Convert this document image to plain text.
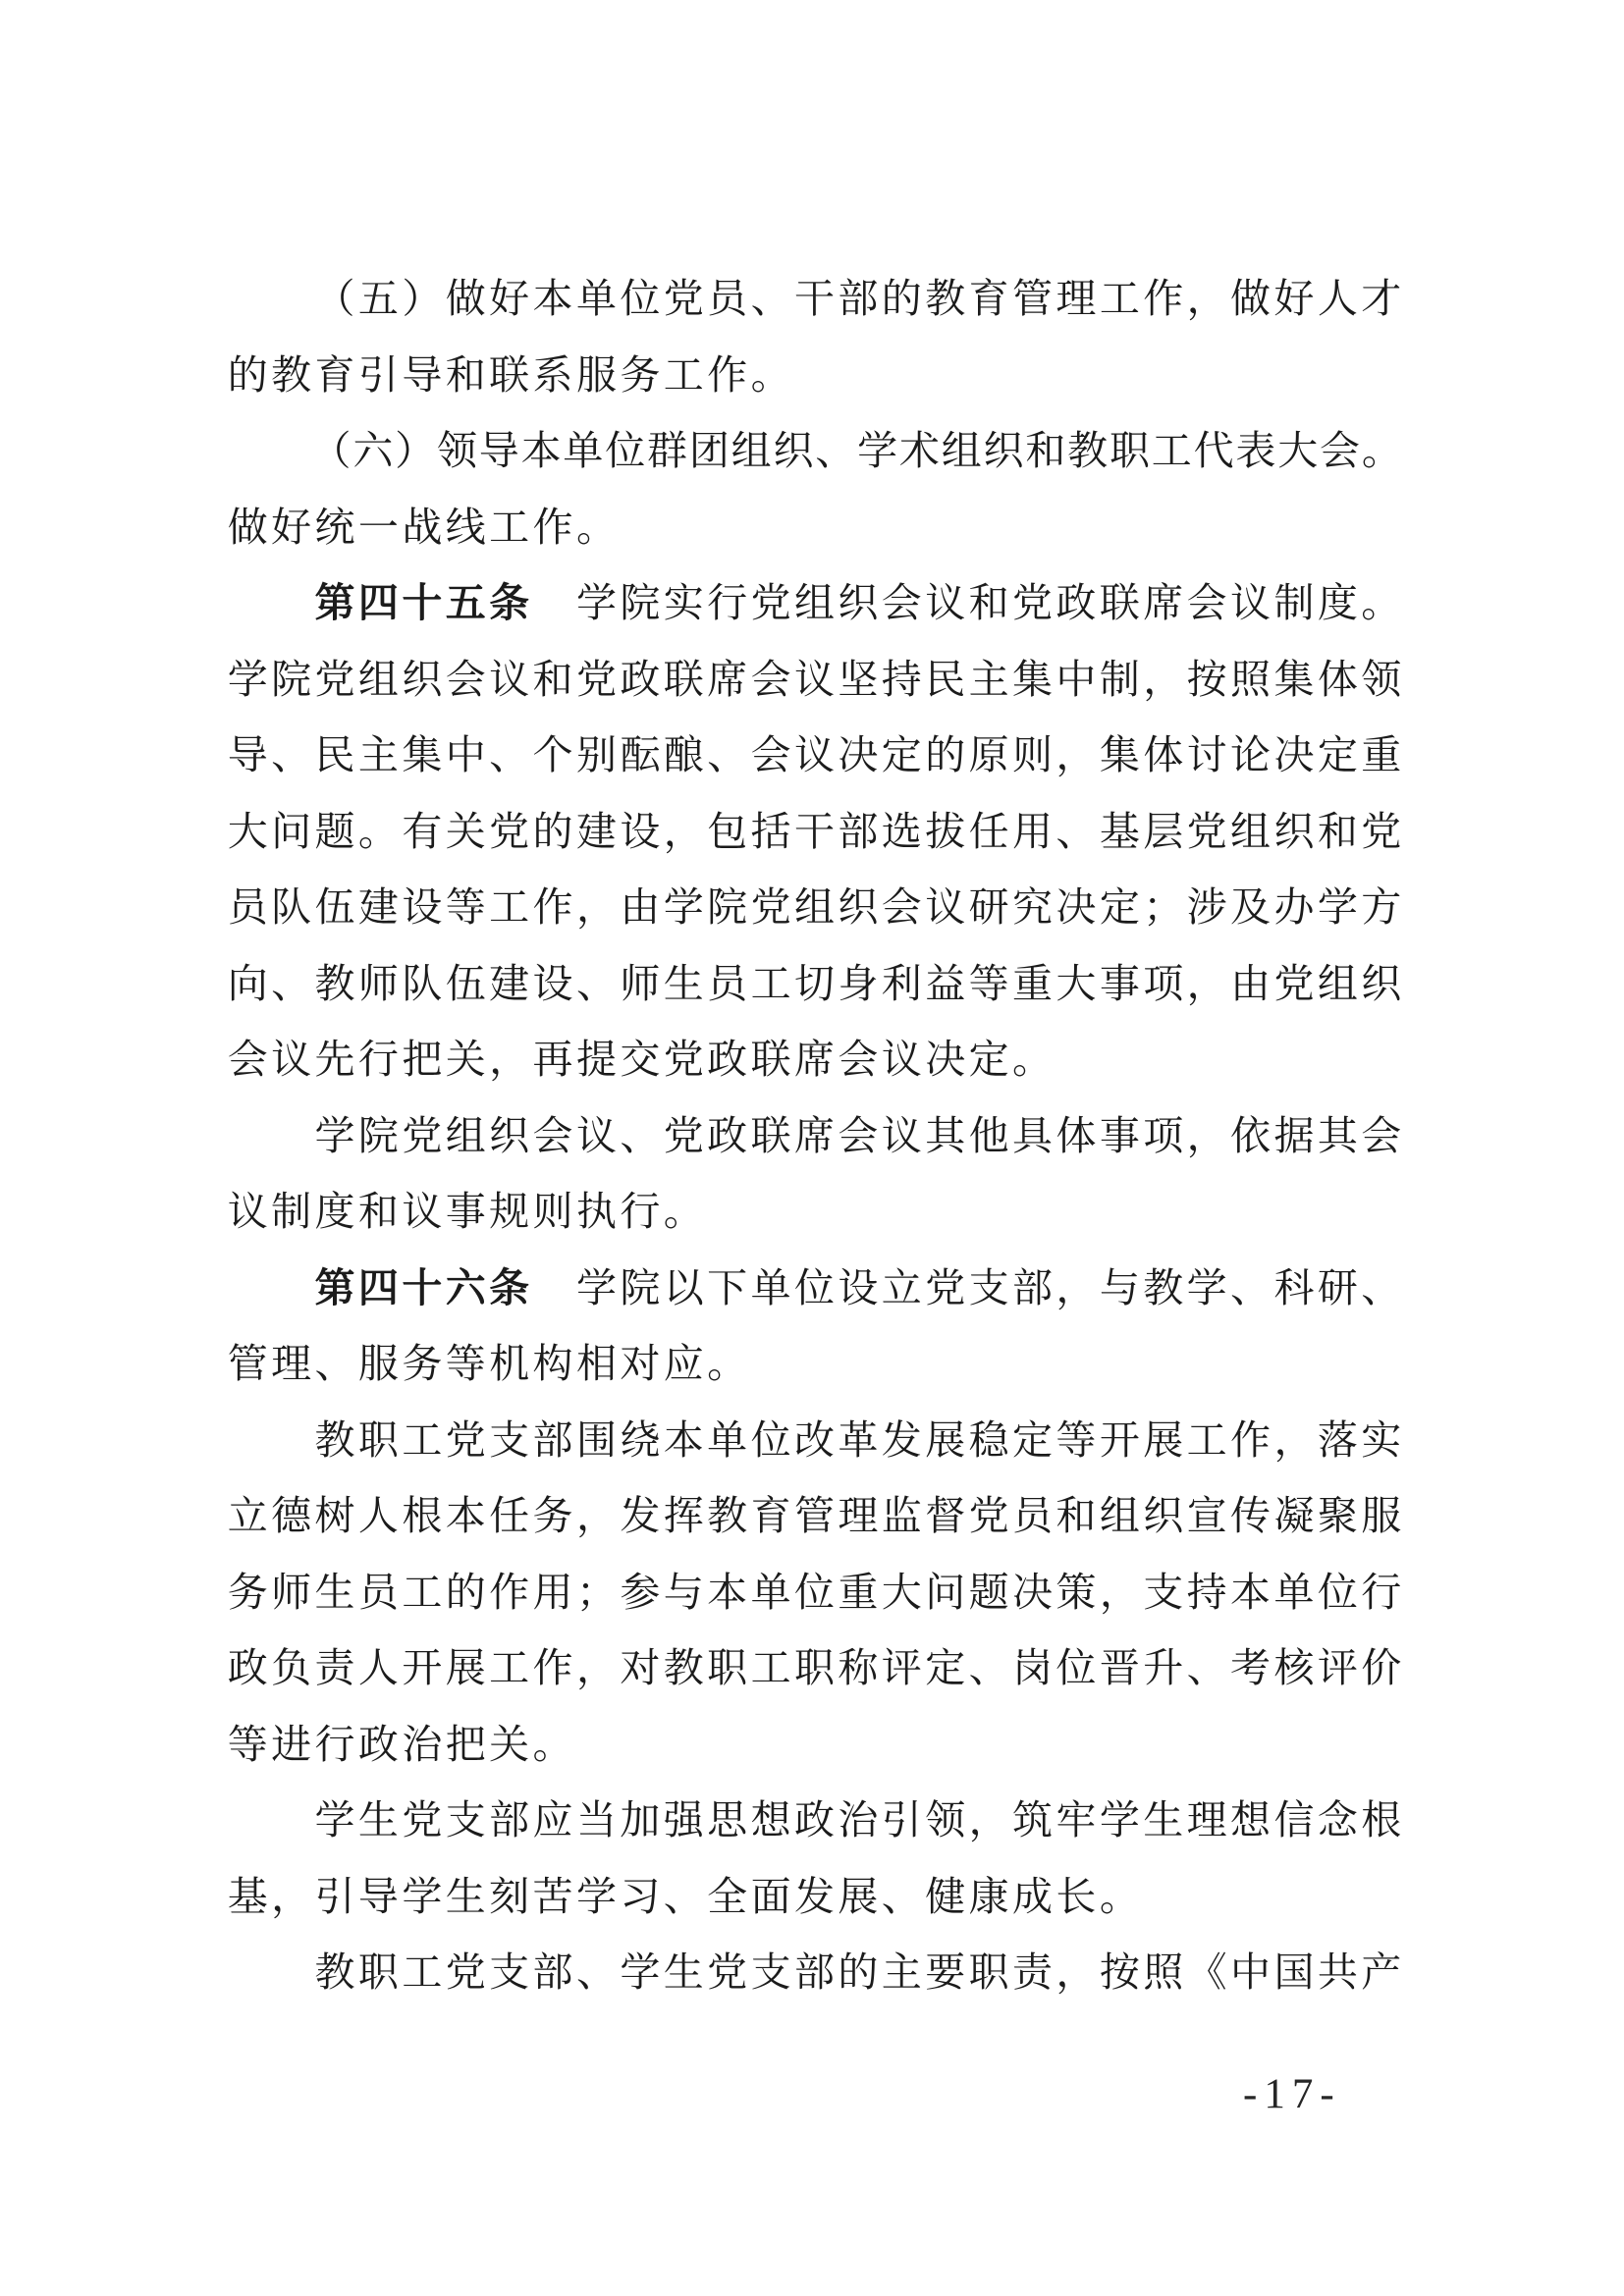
（五）做好本单位党员、干部的教育管理工作，做好人才
的教育引导和联系服务工作。
（六）领导本单位群团组织、学术组织和教职工代表大会。
做好统一战线工作。
第四十五条 学院实行党组织会议和党政联席会议制度。
学院党组织会议和党政联席会议坚持民主集中制，按照集体领
导、民主集中、个别酝酿、会议决定的原则，集体讨论决定重
大问题。有关党的建设，包括干部选拔任用、基层党组织和党
员队伍建设等工作，由学院党组织会议研究决定；涉及办学方
向、教师队伍建设、师生员工切身利益等重大事项，由党组织
会议先行把关，再提交党政联席会议决定。
学院党组织会议、党政联席会议其他具体事项，依据其会
议制度和议事规则执行。
第四十六条 学院以下单位设立党支部，与教学、科研、
管理、服务等机构相对应。
教职工党支部围绕本单位改革发展稳定等开展工作，落实
立德树人根本任务，发挥教育管理监督党员和组织宣传凝聚服
务师生员工的作用；参与本单位重大问题决策，支持本单位行
政负责人开展工作，对教职工职称评定、岗位晋升、考核评价
等进行政治把关。
学生党支部应当加强思想政治引领，筑牢学生理想信念根
基，引导学生刻苦学习、全面发展、健康成长。
教职工党支部、学生党支部的主要职责，按照《中国共产
-17-
